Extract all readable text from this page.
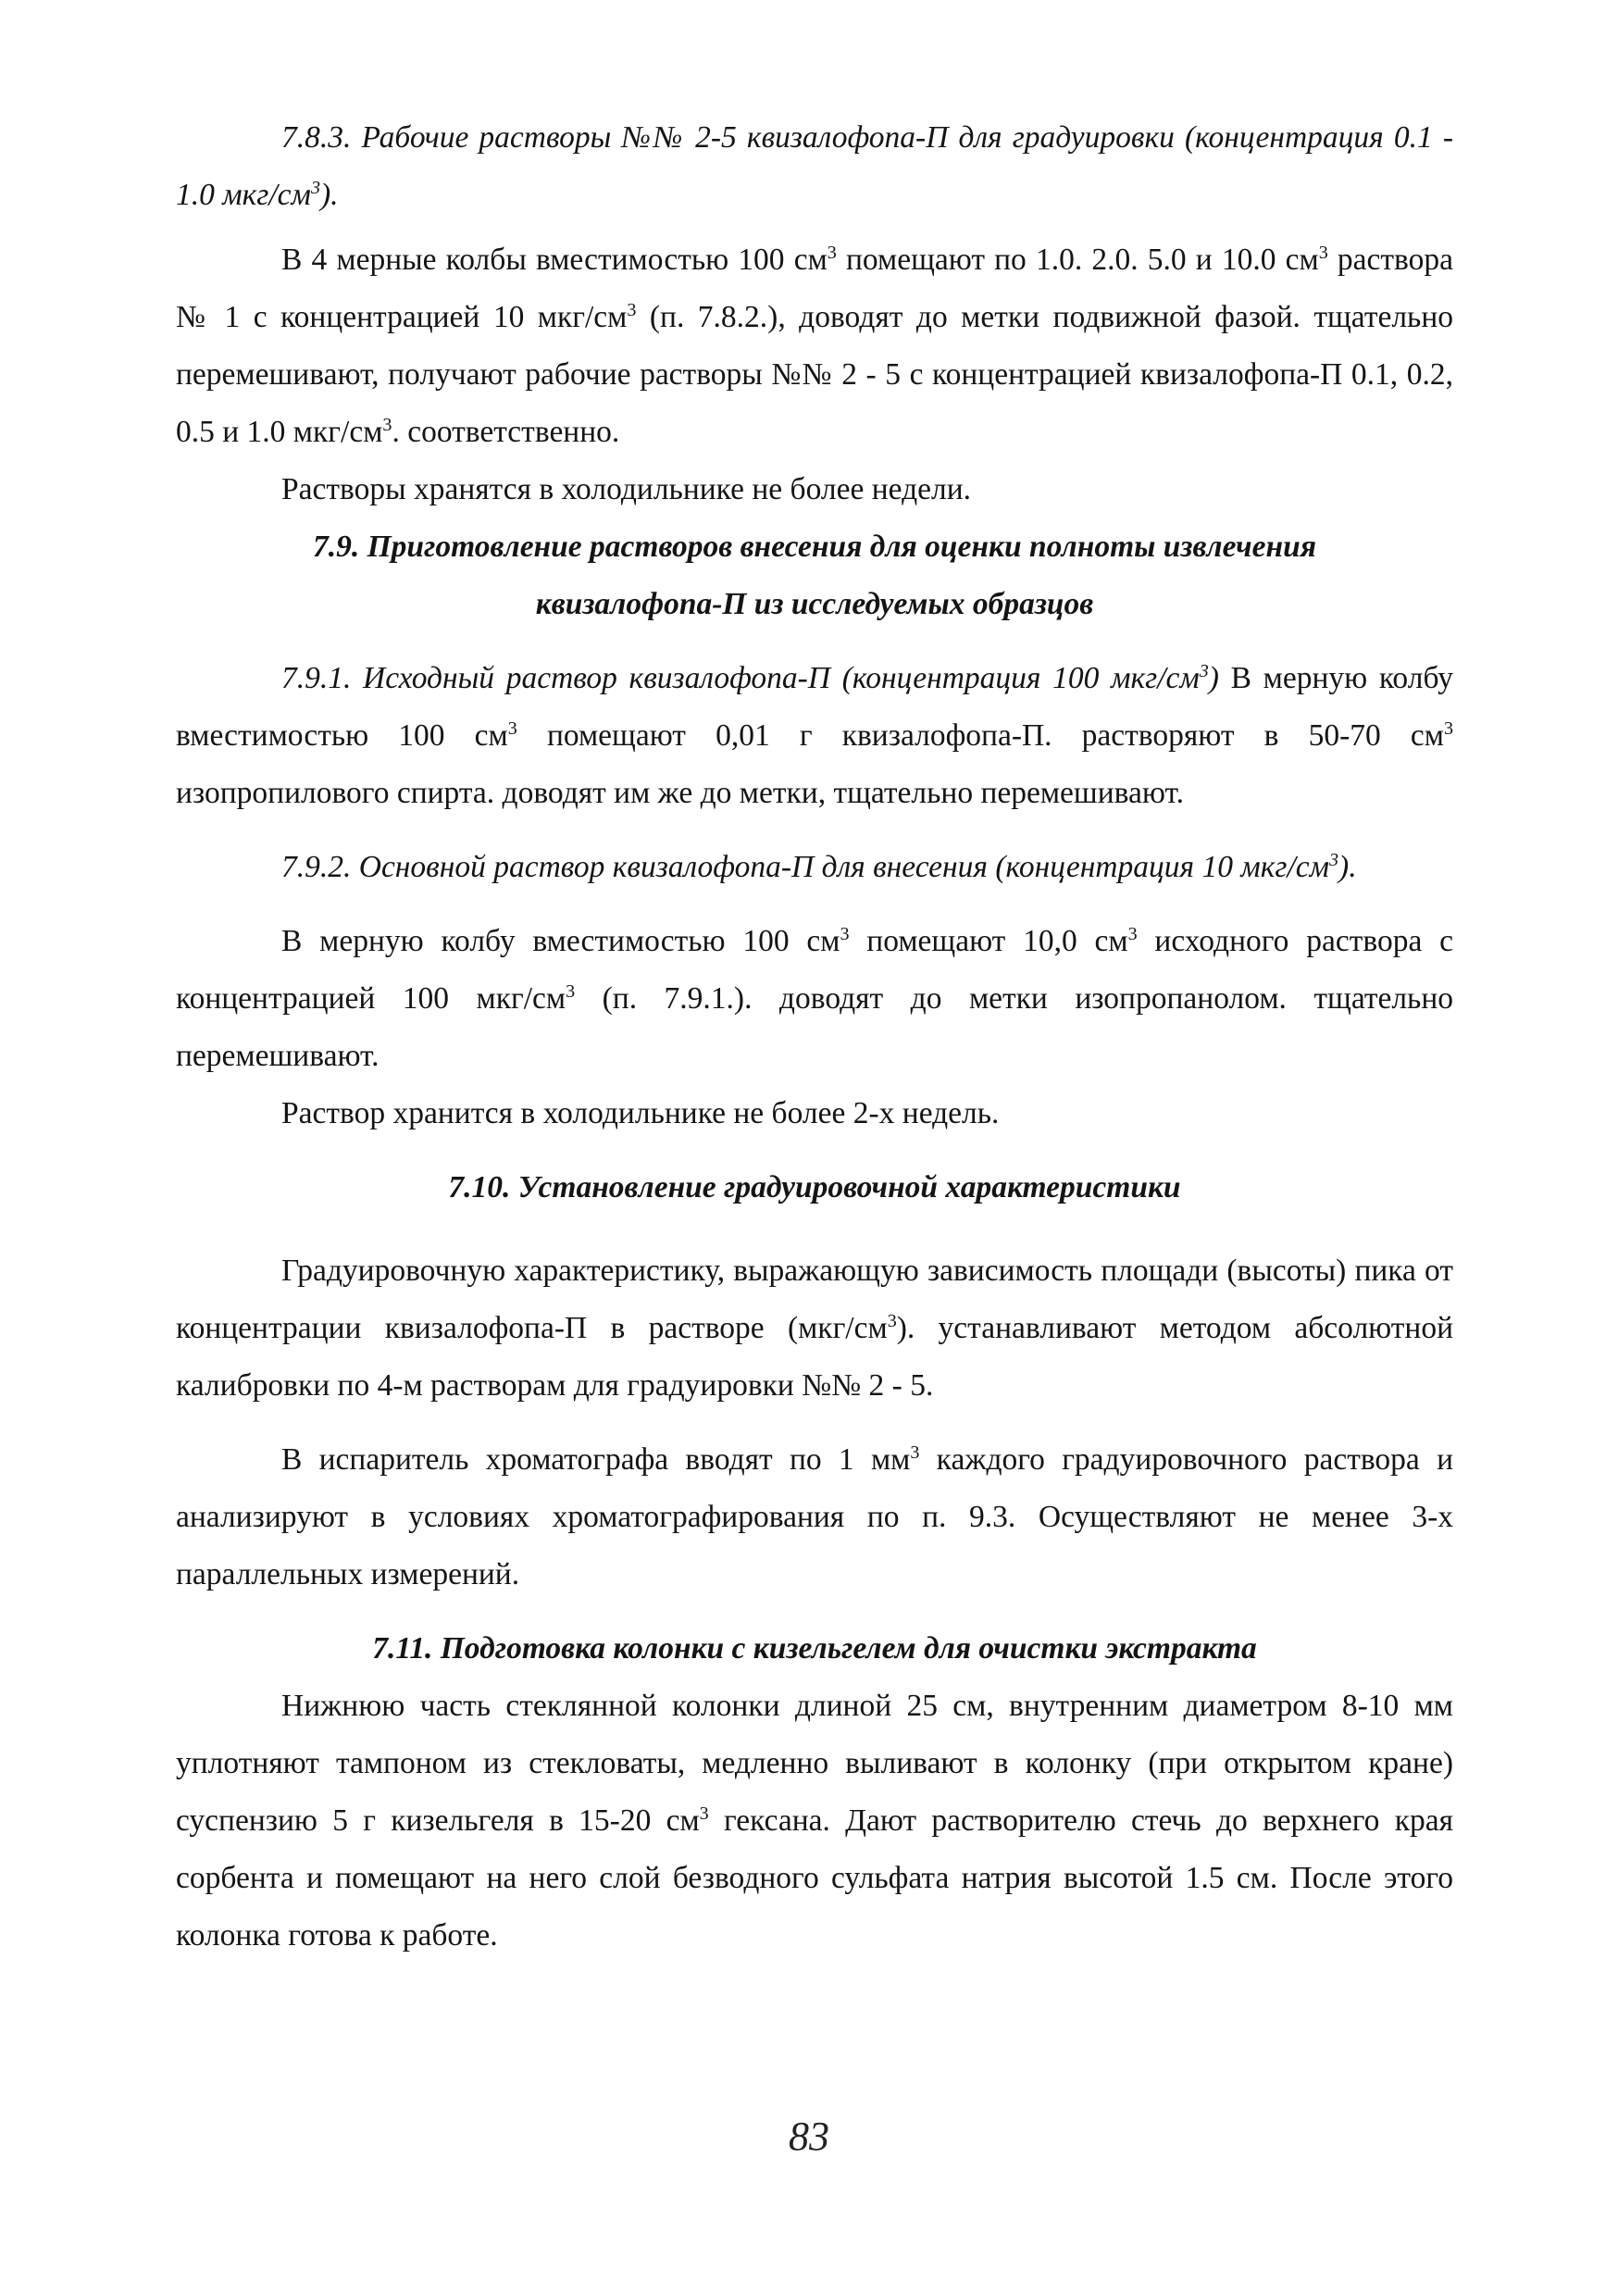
7.8.3. Рабочие растворы №№ 2-5 квизалофопа-П для градуировки (концентрация 0.1 - 1.0 мкг/$см^3$).

В 4 мерные колбы вместимостью 100 $см^3$ помещают по 1.0. 2.0. 5.0 и 10.0 $см^3$ раствора № 1 с концентрацией 10 мкг/$см^3$ (п. 7.8.2.), доводят до метки подвижной фазой. тщательно перемешивают, получают рабочие растворы №№ 2 - 5 с концентрацией квизалофопа-П 0.1, 0.2, 0.5 и 1.0 мкг/$см^3$. соответственно.

Растворы хранятся в холодильнике не более недели.

7.9. Приготовление растворов внесения для оценки полноты извлечения

квизалофопа-П из исследуемых образцов

7.9.1. Исходный раствор квизалофопа-П (концентрация 100 мкг/$см^3$) В мерную колбу вместимостью 100 $см^3$ помещают 0,01 г квизалофопа-П. растворяют в 50-70 $см^3$ изопропилового спирта. доводят им же до метки, тщательно перемешивают.

7.9.2. Основной раствор квизалофопа-П для внесения (концентрация 10 мкг/$см^3$).

В мерную колбу вместимостью 100 $см^3$ помещают 10,0 $см^3$ исходного раствора с концентрацией 100 мкг/$см^3$ (п. 7.9.1.). доводят до метки изопропанолом. тщательно перемешивают.

Раствор хранится в холодильнике не более 2-х недель.

7.10. Установление градуировочной характеристики

Градуировочную характеристику, выражающую зависимость площади (высоты) пика от концентрации квизалофопа-П в растворе $(мкг/см^3)$. устанавливают методом абсолютной калибровки по 4-м растворам для градуировки №№ 2 - 5.

В испаритель хроматографа вводят по 1 $мм^3$ каждого градуировочного раствора и анализируют в условиях хроматографирования по п. 9.3. Осуществляют не менее 3-х параллельных измерений.

7.11. Подготовка колонки с кизельгелем для очистки экстракта

Нижнюю часть стеклянной колонки длиной 25 см, внутренним диаметром 8-10 мм уплотняют тампоном из стекловаты, медленно выливают в колонку (при открытом кране) суспензию 5 г кизельгеля в 15-20 $см^3$ гексана. Дают растворителю стечь до верхнего края сорбента и помещают на него слой безводного сульфата натрия высотой 1.5 см. После этого колонка готова к работе.

83
